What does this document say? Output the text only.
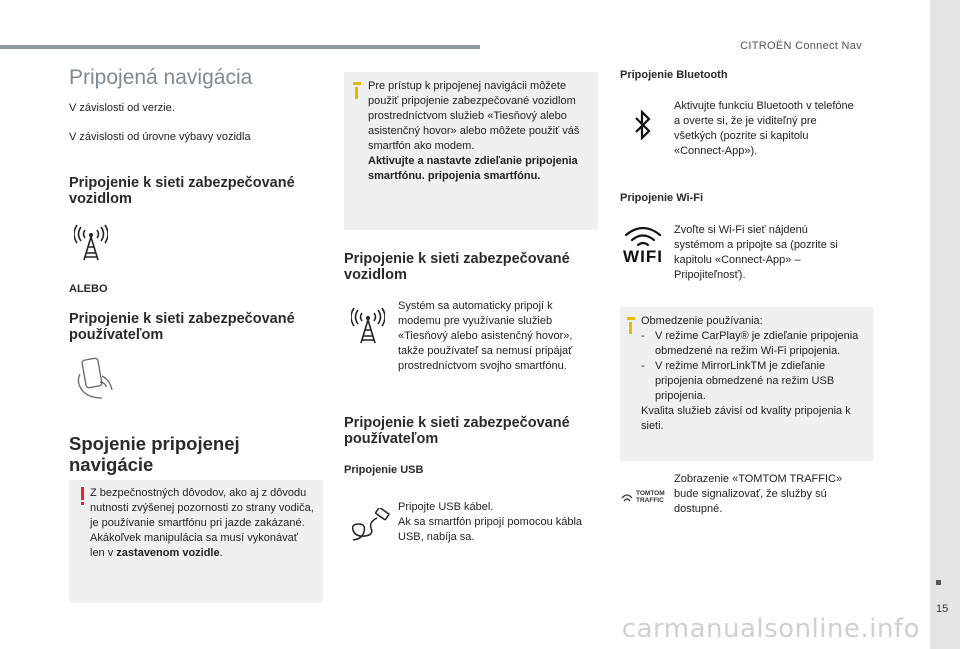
CITROËN Connect Nav
15
Pripojená navigácia
V závislosti od verzie.
V závislosti od úrovne výbavy vozidla
Pripojenie k sieti zabezpečované vozidlom
ALEBO
Pripojenie k sieti zabezpečované používateľom
Spojenie pripojenej navigácie
Z bezpečnostných dôvodov, ako aj z dôvodu nutnosti zvýšenej pozornosti zo strany vodiča, je používanie smartfónu pri jazde zakázané.
Akákoľvek manipulácia sa musí vykonávať len v zastavenom vozidle.
Pre prístup k pripojenej navigácii môžete použiť pripojenie zabezpečované vozidlom prostredníctvom služieb «Tiesňový alebo asistenčný hovor» alebo môžete použiť váš smartfón ako modem.
Aktivujte a nastavte zdieľanie pripojenia smartfónu. pripojenia smartfónu.
Pripojenie k sieti zabezpečované vozidlom
Systém sa automaticky pripojí k modemu pre využívanie služieb «Tiesňový alebo asistenčný hovor», takže používateľ sa nemusí pripájať prostredníctvom svojho smartfónu.
Pripojenie k sieti zabezpečované používateľom
Pripojenie USB
Pripojte USB kábel.
Ak sa smartfón pripojí pomocou kábla USB, nabíja sa.
Pripojenie Bluetooth
Aktivujte funkciu Bluetooth v telefóne a overte si, že je viditeľný pre všetkých (pozrite si kapitolu «Connect-App»).
Pripojenie Wi-Fi
WIFI
Zvoľte si Wi-Fi sieť nájdenú systémom a pripojte sa (pozrite si kapitolu «Connect-App» – Pripojiteľnosť).
Obmedzenie používania:
- V režime CarPlay® je zdieľanie pripojenia obmedzené na režim Wi-Fi pripojenia.
- V režime MirrorLinkTM je zdieľanie pripojenia obmedzené na režim USB pripojenia.
Kvalita služieb závisí od kvality pripojenia k sieti.
TOMTOM
TRAFFIC
Zobrazenie «TOMTOM TRAFFIC» bude signalizovať, že služby sú dostupné.
carmanualsonline.info
